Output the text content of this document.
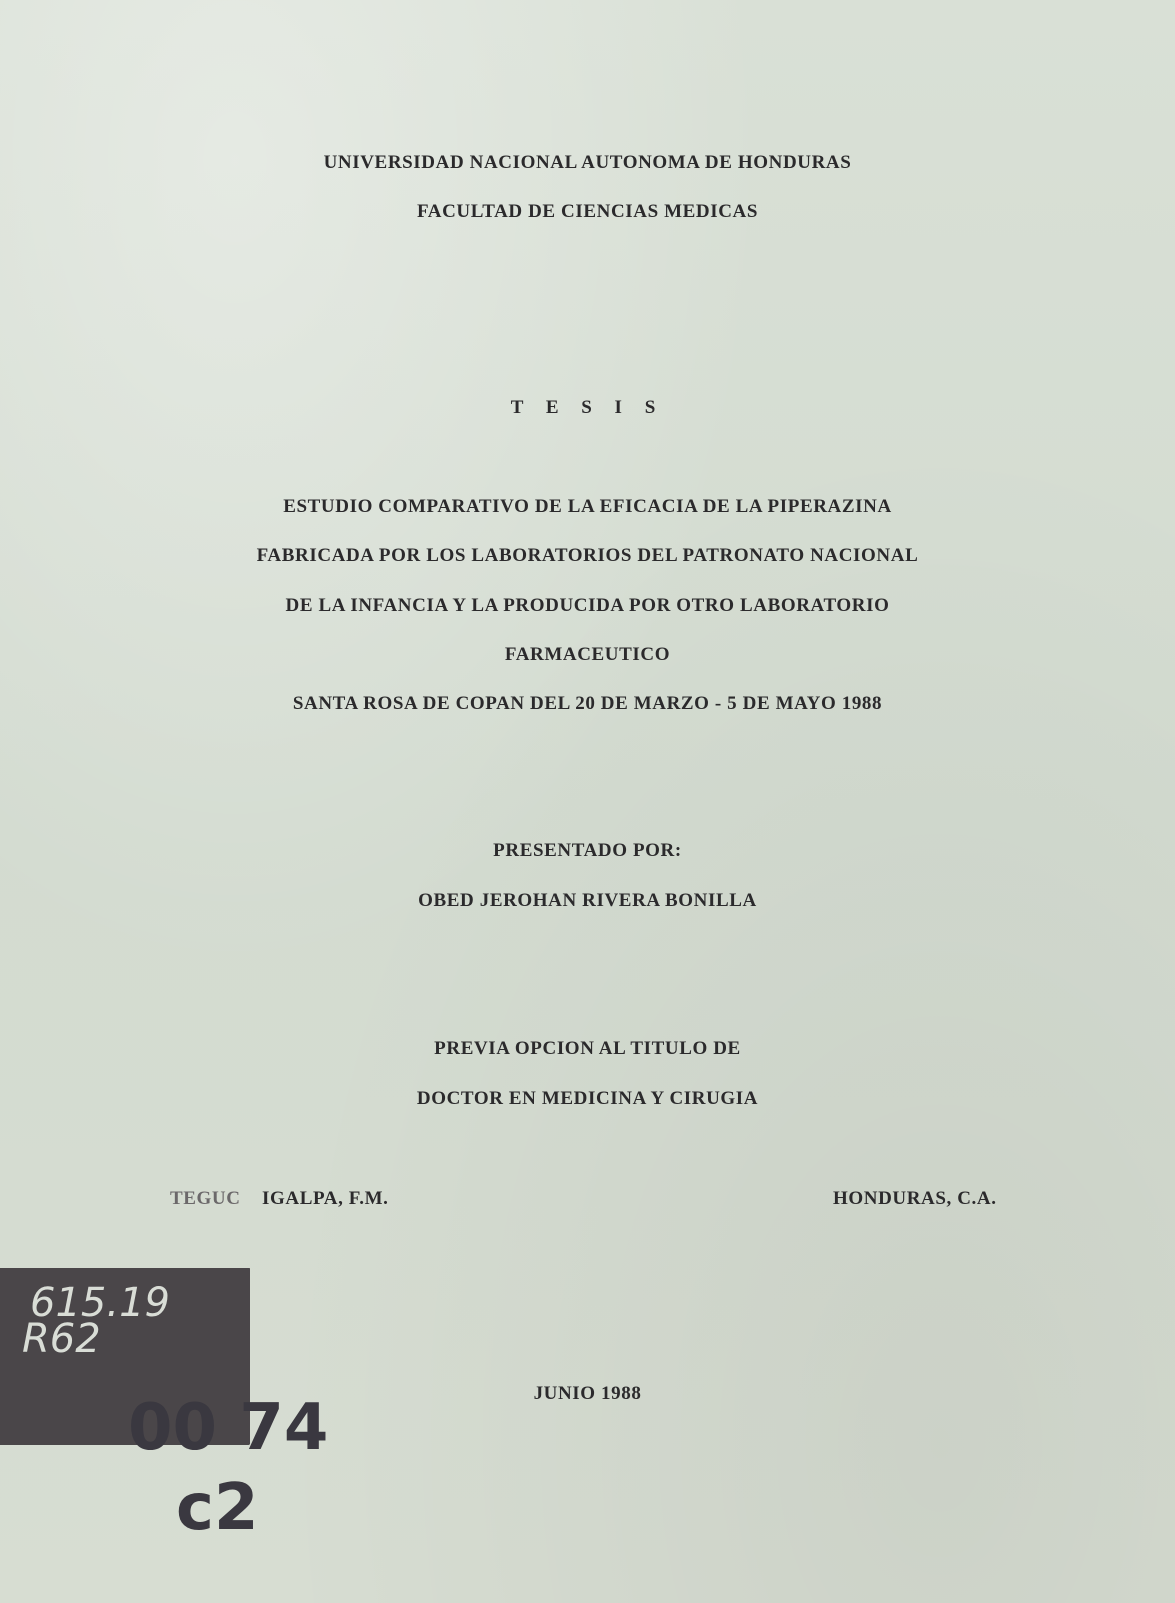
UNIVERSIDAD NACIONAL AUTONOMA DE HONDURAS
FACULTAD DE CIENCIAS MEDICAS
T E S I S
ESTUDIO COMPARATIVO DE LA EFICACIA DE LA PIPERAZINA
FABRICADA POR LOS LABORATORIOS DEL PATRONATO NACIONAL
DE LA INFANCIA Y LA PRODUCIDA POR OTRO LABORATORIO
FARMACEUTICO
SANTA ROSA DE COPAN DEL 20 DE MARZO - 5 DE MAYO 1988
PRESENTADO POR:
OBED JEROHAN RIVERA BONILLA
PREVIA OPCION AL TITULO DE
DOCTOR EN MEDICINA Y CIRUGIA
IGALPA, F.M.	HONDURAS, C.A.
JUNIO 1988
TEGUC
615.19
R62
00 74
c2
